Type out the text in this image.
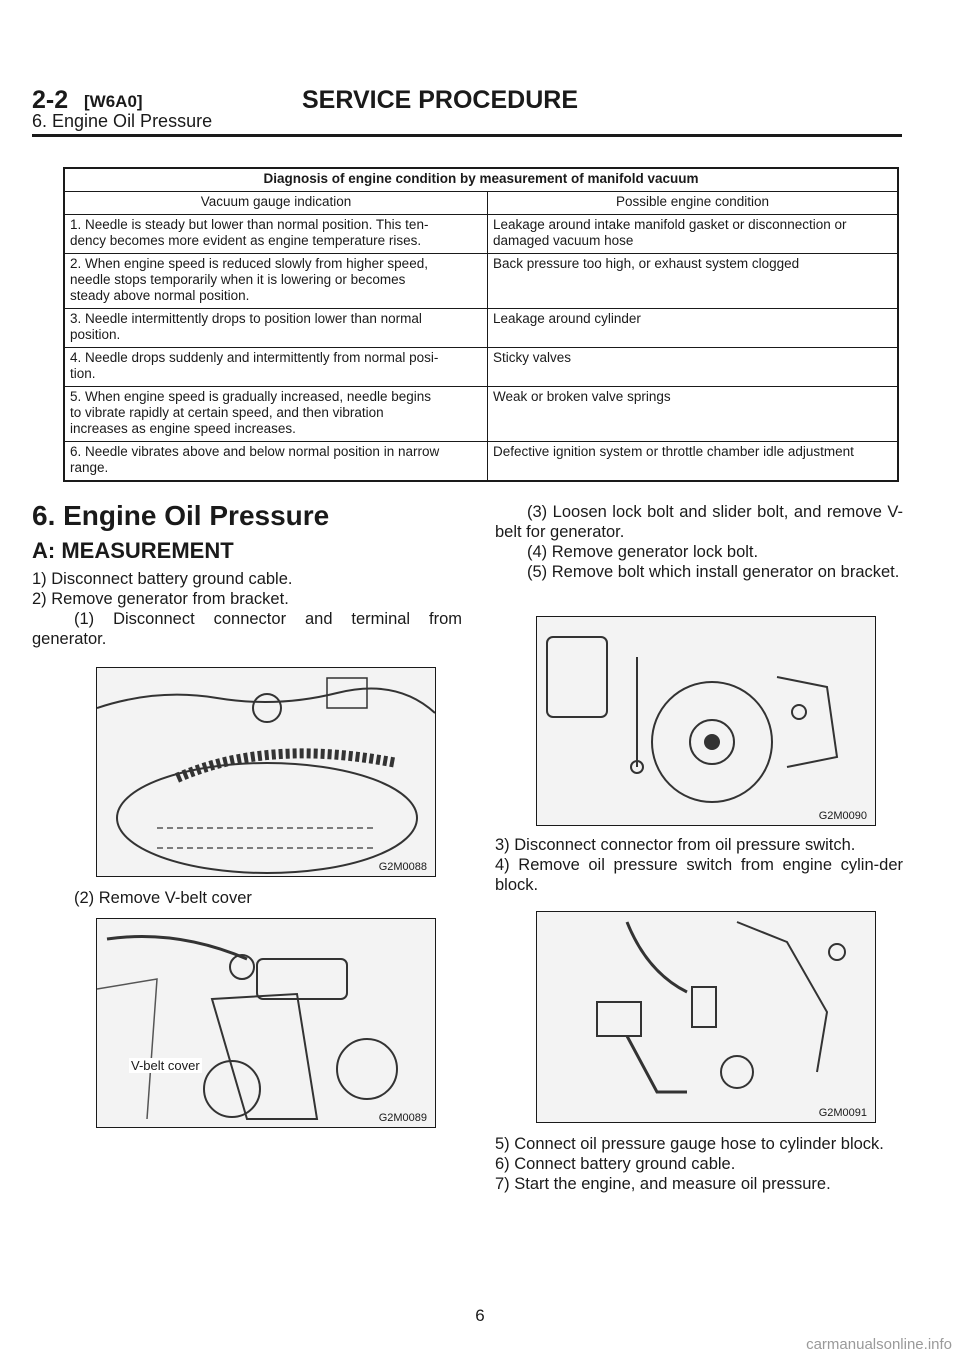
2-2 [W6A0]	SERVICE PROCEDURE
6. Engine Oil Pressure
Diagnosis of engine condition by measurement of manifold vacuum	
Vacuum gauge indication	Possible engine condition
1. Needle is steady but lower than normal position. This ten-
dency becomes more evident as engine temperature rises.	Leakage around intake manifold gasket or disconnection or
damaged vacuum hose
2. When engine speed is reduced slowly from higher speed,
needle stops temporarily when it is lowering or becomes
steady above normal position.	Back pressure too high, or exhaust system clogged
3. Needle intermittently drops to position lower than normal
position.	Leakage around cylinder
4. Needle drops suddenly and intermittently from normal posi-
tion.	Sticky valves
5. When engine speed is gradually increased, needle begins
to vibrate rapidly at certain speed, and then vibration
increases as engine speed increases.	Weak or broken valve springs
6. Needle vibrates above and below normal position in narrow
range.	Defective ignition system or throttle chamber idle adjustment
6. Engine Oil Pressure
A: MEASUREMENT

1) Disconnect battery ground cable.

2) Remove generator from bracket.

(1) Disconnect connector and terminal from generator.

G2M0088

(2) Remove V-belt cover

V-belt cover
G2M0089

(3) Loosen lock bolt and slider bolt, and remove V-belt for generator.

(4) Remove generator lock bolt.

(5) Remove bolt which install generator on bracket.

G2M0090

3) Disconnect connector from oil pressure switch.

4) Remove oil pressure switch from engine cylin-der block.

G2M0091

5) Connect oil pressure gauge hose to cylinder block.

6) Connect battery ground cable.

7) Start the engine, and measure oil pressure.

6
carmanualsonline.info
